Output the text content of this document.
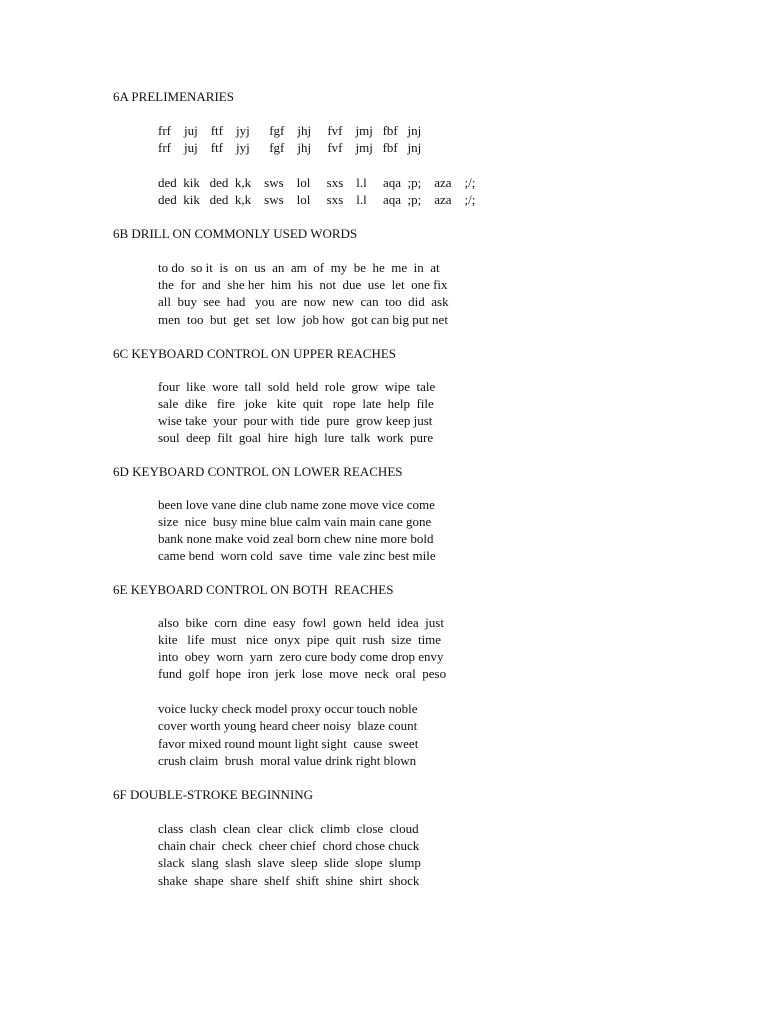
6A PRELIMENARIES
frf    juj    ftf    jyj      fgf    jhj     fvf    jmj   fbf   jnj
frf    juj    ftf    jyj      fgf    jhj     fvf    jmj   fbf   jnj
ded  kik   ded  k,k    sws    lol     sxs    l.l     aqa  ;p;    aza    ;/;
ded  kik   ded  k,k    sws    lol     sxs    l.l     aqa  ;p;    aza    ;/;
6B DRILL ON COMMONLY USED WORDS
to do  so it  is  on  us  an  am  of  my  be  he  me  in  at
the  for  and  she her  him  his  not  due  use  let  one fix
all  buy  see  had   you  are  now  new  can  too  did  ask
men  too  but  get  set  low  job how  got can big put net
6C KEYBOARD CONTROL ON UPPER REACHES
four  like  wore  tall  sold  held  role  grow  wipe  tale
sale  dike   fire   joke   kite  quit   rope  late  help  file
wise take  your  pour with  tide  pure  grow keep just
soul  deep  filt  goal  hire  high  lure  talk  work  pure
6D KEYBOARD CONTROL ON LOWER REACHES
been love vane dine club name zone move vice come
size  nice  busy mine blue calm vain main cane gone
bank none make void zeal born chew nine more bold
came bend  worn cold  save  time  vale zinc best mile
6E KEYBOARD CONTROL ON BOTH  REACHES
also  bike  corn  dine  easy  fowl  gown  held  idea  just
kite   life  must   nice  onyx  pipe  quit  rush  size  time
into  obey  worn  yarn  zero cure body come drop envy
fund  golf  hope  iron  jerk  lose  move  neck  oral  peso
voice lucky check model proxy occur touch noble
cover worth young heard cheer noisy  blaze count
favor mixed round mount light sight  cause  sweet
crush claim  brush  moral value drink right blown
6F DOUBLE-STROKE BEGINNING
class  clash  clean  clear  click  climb  close  cloud
chain chair  check  cheer chief  chord chose chuck
slack  slang  slash  slave  sleep  slide  slope  slump
shake  shape  share  shelf  shift  shine  shirt  shock
